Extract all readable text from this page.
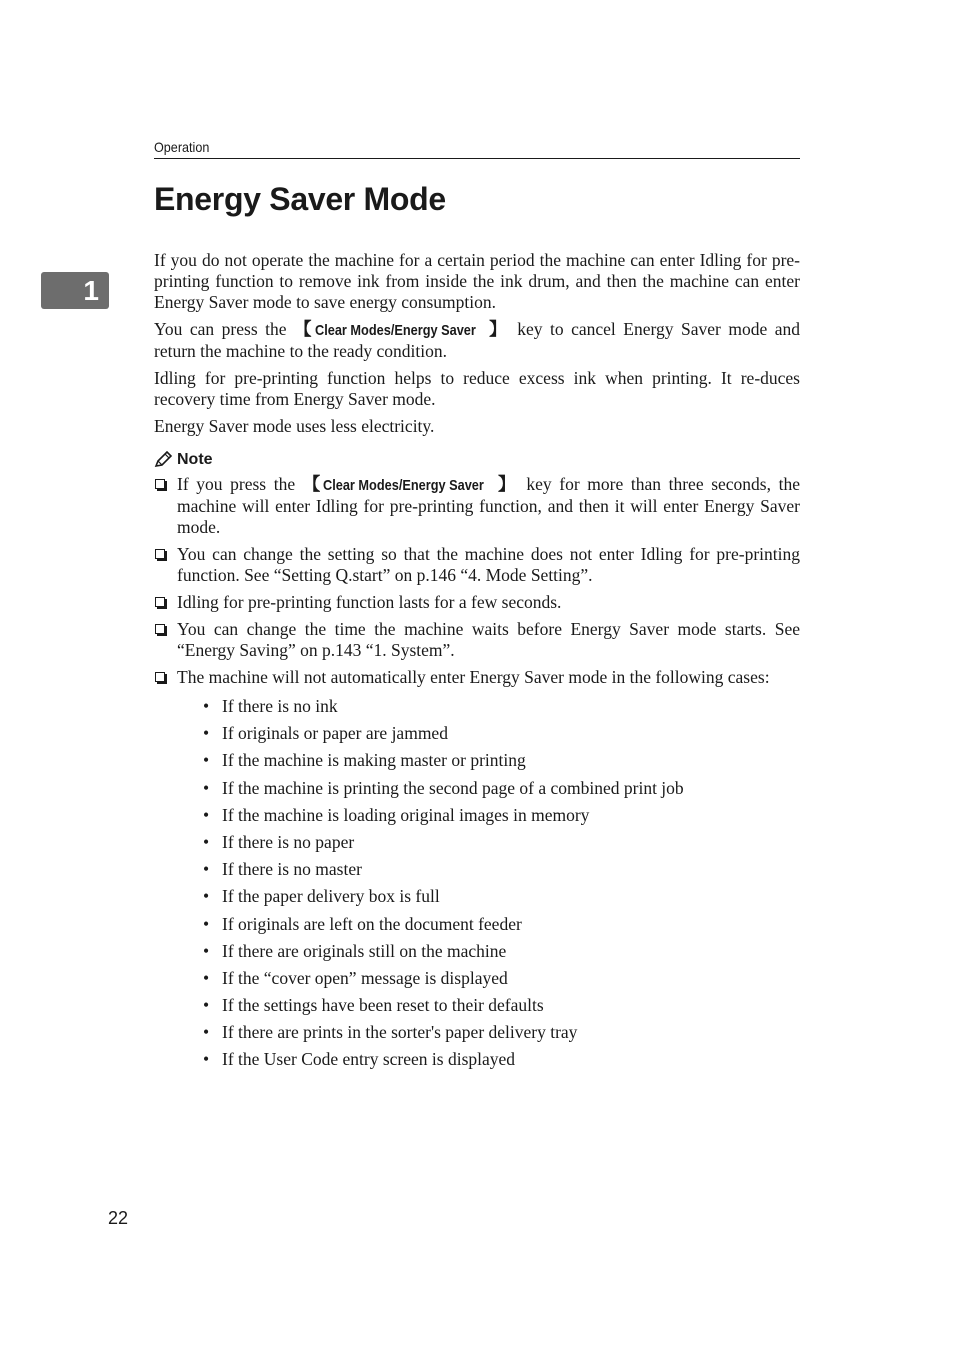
Operation
Energy Saver Mode
1

If you do not operate the machine for a certain period the machine can enter Idling for pre-printing function to remove ink from inside the ink drum, and then the machine can enter Energy Saver mode to save energy consumption.

You can press the 【Clear Modes/Energy Saver 】 key to cancel Energy Saver mode and return the machine to the ready condition.

Idling for pre-printing function helps to reduce excess ink when printing. It re-duces recovery time from Energy Saver mode.

Energy Saver mode uses less electricity.

Note
If you press the 【Clear Modes/Energy Saver 】 key for more than three seconds, the machine will enter Idling for pre-printing function, and then it will enter Energy Saver mode.
You can change the setting so that the machine does not enter Idling for pre-printing function. See “Setting Q.start” on p.146 “4. Mode Setting”.
Idling for pre-printing function lasts for a few seconds.
You can change the time the machine waits before Energy Saver mode starts. See “Energy Saving” on p.143 “1. System”.
The machine will not automatically enter Energy Saver mode in the following cases:
• If there is no ink
• If originals or paper are jammed
• If the machine is making master or printing
• If the machine is printing the second page of a combined print job
• If the machine is loading original images in memory
• If there is no paper
• If there is no master
• If the paper delivery box is full
• If originals are left on the document feeder
• If there are originals still on the machine
• If the “cover open” message is displayed
• If the settings have been reset to their defaults
• If there are prints in the sorter's paper delivery tray
• If the User Code entry screen is displayed
22
